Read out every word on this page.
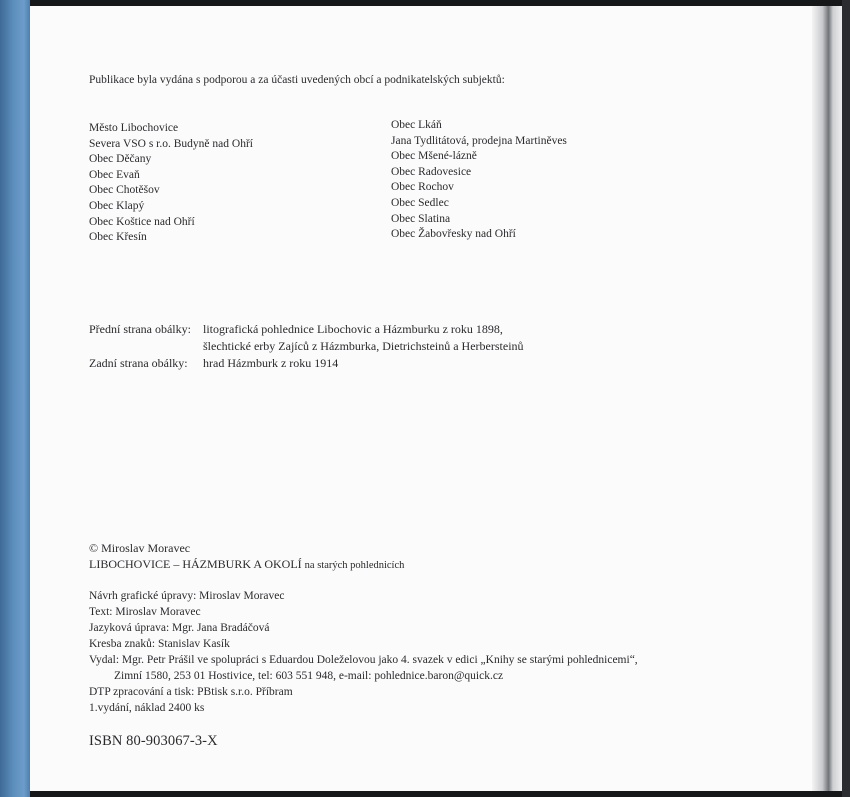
Publikace byla vydána s podporou a za účasti uvedených obcí a podnikatelských subjektů:
Město Libochovice
Severa VSO s r.o. Budyně nad Ohří
Obec Děčany
Obec Evaň
Obec Chotěšov
Obec Klapý
Obec Koštice nad Ohří
Obec Křesín
Obec Lkáň
Jana Tydlitátová, prodejna Martiněves
Obec Mšené-lázně
Obec Radovesice
Obec Rochov
Obec Sedlec
Obec Slatina
Obec Žabovřesky nad Ohří
Přední strana obálky: litografická pohlednice Libochovic a Házmburku z roku 1898,
šlechtické erby Zajíců z Házmburka, Dietrichsteinů a Herbersteinů
Zadní strana obálky: hrad Házmburk z roku 1914
© Miroslav Moravec
LIBOCHOVICE – HÁZMBURK A OKOLÍ na starých pohlednicích
Návrh grafické úpravy: Miroslav Moravec
Text: Miroslav Moravec
Jazyková úprava: Mgr. Jana Bradáčová
Kresba znaků: Stanislav Kasík
Vydal: Mgr. Petr Prášil ve spolupráci s Eduardou Doleželovou jako 4. svazek v edici „Knihy se starými pohlednicemi“,
Zimní 1580, 253 01 Hostivice, tel: 603 551 948, e-mail: pohlednice.baron@quick.cz
DTP zpracování a tisk: PBtisk s.r.o. Příbram
1.vydání, náklad 2400 ks
ISBN 80-903067-3-X
